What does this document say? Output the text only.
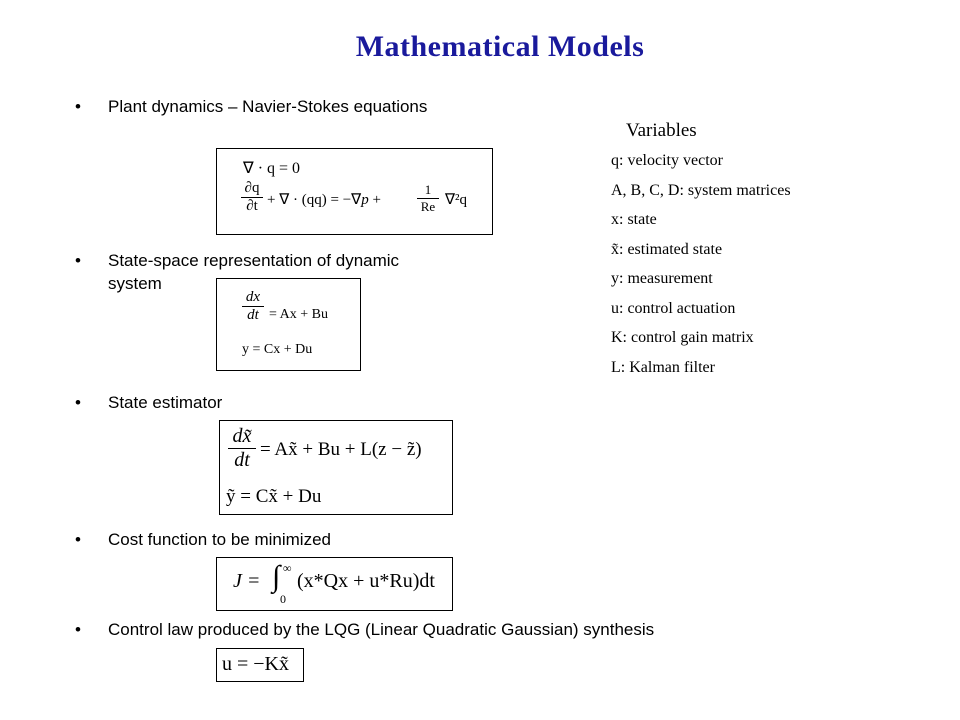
Mathematical Models
• Plant dynamics – Navier-Stokes equations
∇ · q = 0
∂q
∂t + ∇ · (qq) = −∇p +
1
Re ∇²q
• State-space representation of dynamic
system
dx
dt = Ax + Bu
y = Cx + Du
• State estimator
dx̃
dt = Ax̃ + Bu + L(z − z̃)
ỹ = Cx̃ + Du
• Cost function to be minimized
J = ∫ ∞
0
(x*Qx + u*Ru)dt
• Control law produced by the LQG (Linear Quadratic Gaussian) synthesis
u = −Kx̃
Variables
q: velocity vector
A, B, C, D: system matrices
x: state
x̃: estimated state
y: measurement
u: control actuation
K: control gain matrix
L: Kalman filter
